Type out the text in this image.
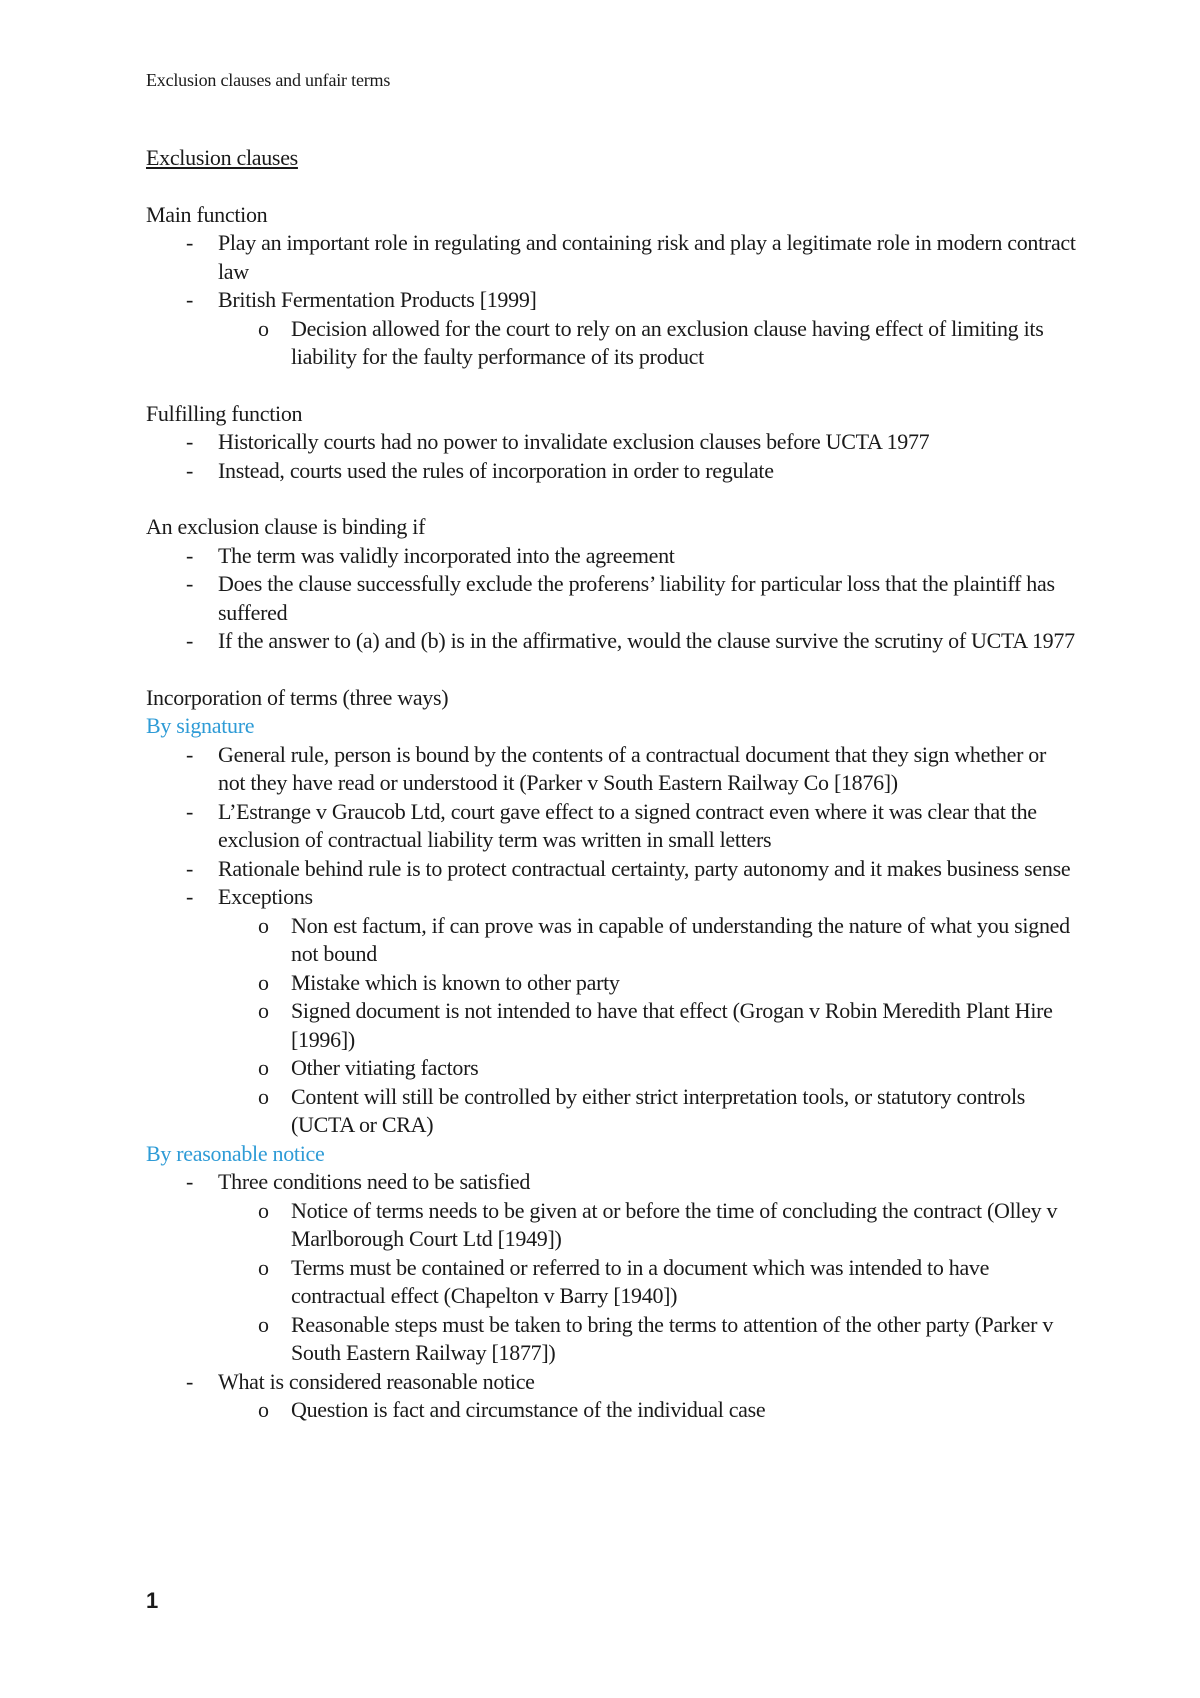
Exclusion clauses and unfair terms

Exclusion clauses

Main function

- Play an important role in regulating and containing risk and play a legitimate role in modern contract law
- British Fermentation Products [1999]
o Decision allowed for the court to rely on an exclusion clause having effect of limiting its liability for the faulty performance of its product

Fulfilling function

- Historically courts had no power to invalidate exclusion clauses before UCTA 1977
- Instead, courts used the rules of incorporation in order to regulate

An exclusion clause is binding if

- The term was validly incorporated into the agreement
- Does the clause successfully exclude the proferens’ liability for particular loss that the plaintiff has suffered
- If the answer to (a) and (b) is in the affirmative, would the clause survive the scrutiny of UCTA 1977

Incorporation of terms (three ways)

By signature

- General rule, person is bound by the contents of a contractual document that they sign whether or not they have read or understood it (Parker v South Eastern Railway Co [1876])
- L’Estrange v Graucob Ltd, court gave effect to a signed contract even where it was clear that the exclusion of contractual liability term was written in small letters
- Rationale behind rule is to protect contractual certainty, party autonomy and it makes business sense
- Exceptions
o Non est factum, if can prove was in capable of understanding the nature of what you signed not bound
o Mistake which is known to other party
o Signed document is not intended to have that effect (Grogan v Robin Meredith Plant Hire [1996])
o Other vitiating factors
o Content will still be controlled by either strict interpretation tools, or statutory controls (UCTA or CRA)

By reasonable notice

- Three conditions need to be satisfied
o Notice of terms needs to be given at or before the time of concluding the contract (Olley v Marlborough Court Ltd [1949])
o Terms must be contained or referred to in a document which was intended to have contractual effect (Chapelton v Barry [1940])
o Reasonable steps must be taken to bring the terms to attention of the other party (Parker v South Eastern Railway [1877])
- What is considered reasonable notice
o Question is fact and circumstance of the individual case
1
